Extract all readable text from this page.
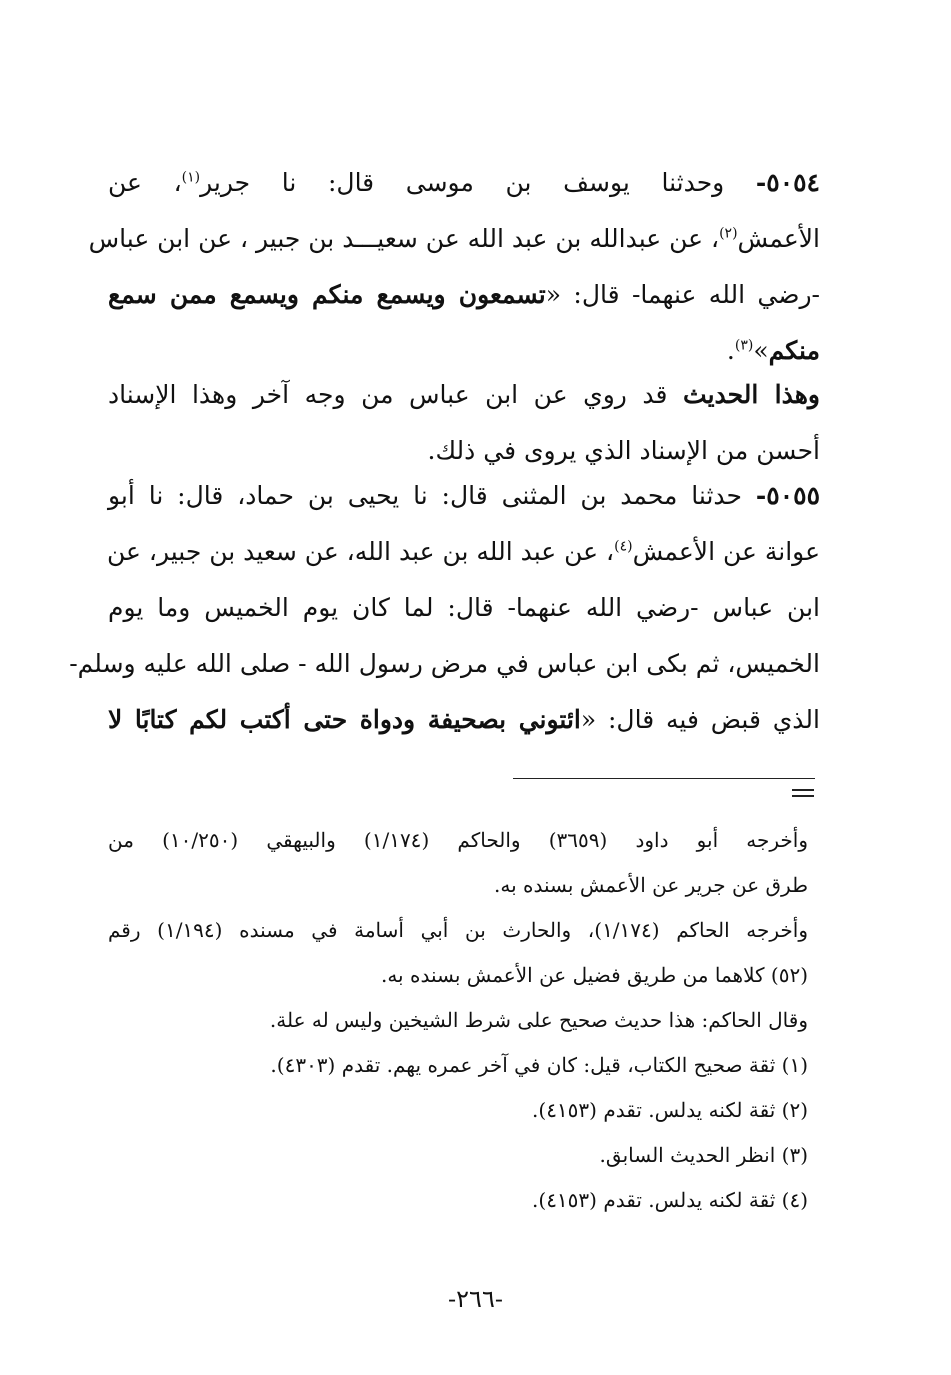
٥٠٥٤- وحدثنا يوسف بن موسى قال: نا جرير$^{(١)}$، عن
الأعمش$^{(٢)}$، عن عبدالله بن عبد الله عن سعيـــد بن جبير ، عن ابن عباس
-رضي الله عنهما- قال: «تسمعون ويسمع منكم ويسمع ممن سمع
منكم»$^{(٣)}$.
وهذا الحديث قد روي عن ابن عباس من وجه آخر وهذا الإسناد
أحسن من الإسناد الذي يروى في ذلك.
٥٠٥٥- حدثنا محمد بن المثنى قال: نا يحيى بن حماد، قال: نا أبو
عوانة عن الأعمش$^{(٤)}$، عن عبد الله بن عبد الله، عن سعيد بن جبير، عن
ابن عباس -رضي الله عنهما- قال: لما كان يوم الخميس وما يوم
الخميس، ثم بكى ابن عباس في مرض رسول الله - صلى الله عليه وسلم-
الذي قبض فيه قال: «ائتوني بصحيفة ودواة حتى أكتب لكم كتابًا لا
وأخرجه أبو داود (٣٦٥٩) والحاكم (١/١٧٤) والبيهقي (١٠/٢٥٠) من
طرق عن جرير عن الأعمش بسنده به.
وأخرجه الحاكم (١/١٧٤)، والحارث بن أبي أسامة في مسنده (١/١٩٤) رقم
(٥٢) كلاهما من طريق فضيل عن الأعمش بسنده به.
وقال الحاكم: هذا حديث صحيح على شرط الشيخين وليس له علة.
(١) ثقة صحيح الكتاب، قيل: كان في آخر عمره يهم. تقدم (٤٣٠٣).
(٢) ثقة لكنه يدلس. تقدم (٤١٥٣).
(٣) انظر الحديث السابق.
(٤) ثقة لكنه يدلس. تقدم (٤١٥٣).
-٢٦٦-
